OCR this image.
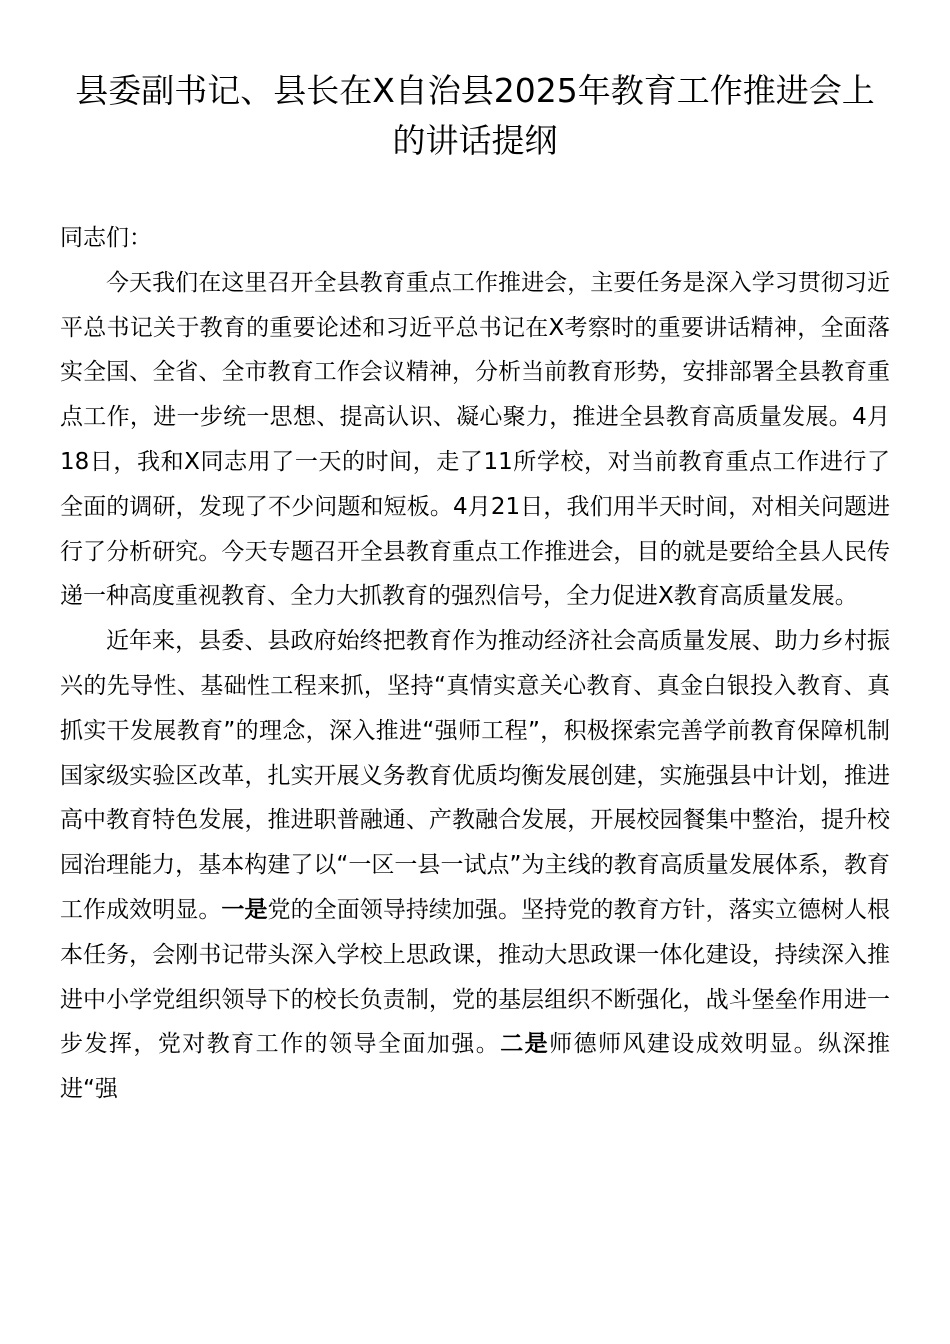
县委副书记、县长在X自治县2025年教育工作推进会上的讲话提纲

同志们：

今天我们在这里召开全县教育重点工作推进会，主要任务是深入学习贯彻习近平总书记关于教育的重要论述和习近平总书记在X考察时的重要讲话精神，全面落实全国、全省、全市教育工作会议精神，分析当前教育形势，安排部署全县教育重点工作，进一步统一思想、提高认识、凝心聚力，推进全县教育高质量发展。4月18日，我和X同志用了一天的时间，走了11所学校，对当前教育重点工作进行了全面的调研，发现了不少问题和短板。4月21日，我们用半天时间，对相关问题进行了分析研究。今天专题召开全县教育重点工作推进会，目的就是要给全县人民传递一种高度重视教育、全力大抓教育的强烈信号，全力促进X教育高质量发展。

近年来，县委、县政府始终把教育作为推动经济社会高质量发展、助力乡村振兴的先导性、基础性工程来抓，坚持“真情实意关心教育、真金白银投入教育、真抓实干发展教育”的理念，深入推进“强师工程”，积极探索完善学前教育保障机制国家级实验区改革，扎实开展义务教育优质均衡发展创建，实施强县中计划，推进高中教育特色发展，推进职普融通、产教融合发展，开展校园餐集中整治，提升校园治理能力，基本构建了以“一区一县一试点”为主线的教育高质量发展体系，教育工作成效明显。一是党的全面领导持续加强。坚持党的教育方针，落实立德树人根本任务，会刚书记带头深入学校上思政课，推动大思政课一体化建设，持续深入推进中小学党组织领导下的校长负责制，党的基层组织不断强化，战斗堡垒作用进一步发挥，党对教育工作的领导全面加强。二是师德师风建设成效明显。纵深推进“强
